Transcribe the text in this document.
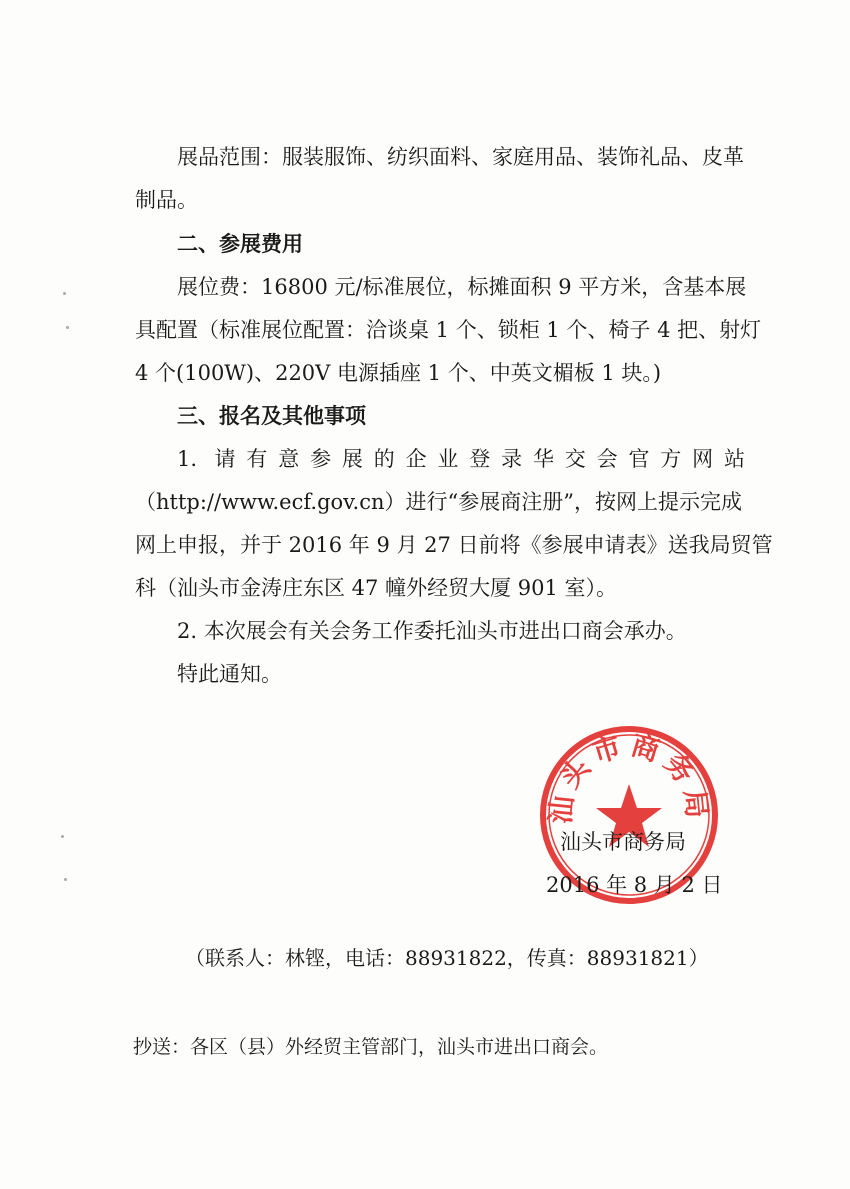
展品范围：服装服饰、纺织面料、家庭用品、装饰礼品、皮革
制品。
二、参展费用
展位费：16800 元/标准展位，标摊面积 9 平方米，含基本展
具配置（标准展位配置：洽谈桌 1 个、锁柜 1 个、椅子 4 把、射灯
4 个(100W)、220V 电源插座 1 个、中英文楣板 1 块。)
三、报名及其他事项
1. 请有意参展的企业登录华交会官方网站
（http://www.ecf.gov.cn）进行“参展商注册”，按网上提示完成
网上申报，并于 2016 年 9 月 27 日前将《参展申请表》送我局贸管
科（汕头市金涛庄东区 47 幢外经贸大厦 901 室）。
2. 本次展会有关会务工作委托汕头市进出口商会承办。
特此通知。
汕头市商务局
汕头市商务局
2016 年 8 月 2 日
（联系人：林铿，电话：88931822，传真：88931821）
抄送：各区（县）外经贸主管部门，汕头市进出口商会。
